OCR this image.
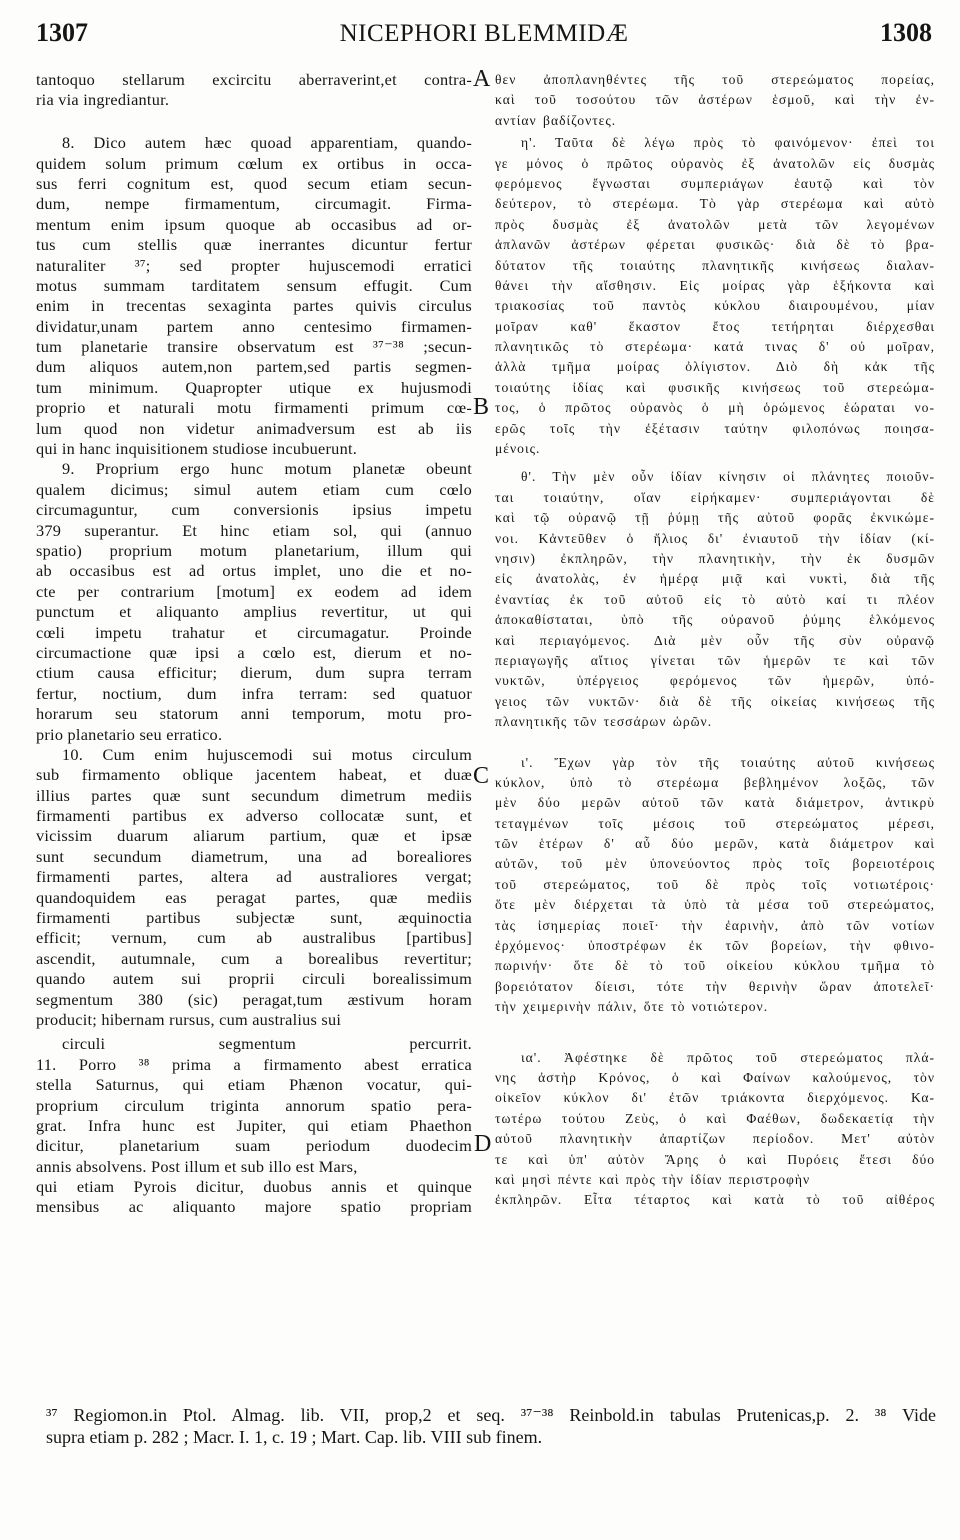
1307	NICEPHORI BLEMMIDÆ	1308
tantoquo stellarum excircitu aberraverint,et contra-
ria via ingrediantur.
8. Dico autem hæc quoad apparentiam, quando-
quidem solum primum cœlum ex ortibus in occa-
sus ferri cognitum est, quod secum etiam secun-
dum, nempe firmamentum, circumagit. Firma-
mentum enim ipsum quoque ab occasibus ad or-
tus cum stellis quæ inerrantes dicuntur fertur
naturaliter ³⁷; sed propter hujuscemodi erratici
motus summam tarditatem sensum effugit. Cum
enim in trecentas sexaginta partes quivis circulus
dividatur,unam partem anno centesimo firmamen-
tum planetarie transire observatum est ³⁷⁻³⁸ ;secun-
dum aliquos autem,non partem,sed partis segmen-
tum minimum. Quapropter utique ex hujusmodi
proprio et naturali motu firmamenti primum cœ-
lum quod non videtur animadversum est ab iis
qui in hanc inquisitionem studiose incubuerunt.
9. Proprium ergo hunc motum planetæ obeunt
qualem dicimus; simul autem etiam cum cœlo
circumaguntur, cum conversionis ipsius impetu
379 superantur. Et hinc etiam sol, qui (annuo
spatio) proprium motum planetarium, illum qui
ab occasibus est ad ortus implet, uno die et no-
cte per contrarium [motum] ex eodem ad idem
punctum et aliquanto amplius revertitur, ut qui
cœli impetu trahatur et circumagatur. Proinde
circumactione quæ ipsi a cœlo est, dierum et no-
ctium causa efficitur; dierum, dum supra terram
fertur, noctium, dum infra terram: sed quatuor
horarum seu statorum anni temporum, motu pro-
prio planetario seu erratico.
10. Cum enim hujuscemodi sui motus circulum
sub firmamento oblique jacentem habeat, et duæ
illius partes quæ sunt secundum dimetrum mediis
firmamenti partibus ex adverso collocatæ sunt, et
vicissim duarum aliarum partium, quæ et ipsæ
sunt secundum diametrum, una ad borealiores
firmamenti partes, altera ad australiores vergat;
quandoquidem eas peragat partes, quæ mediis
firmamenti partibus subjectæ sunt, æquinoctia
efficit; vernum, cum ab australibus [partibus]
ascendit, autumnale, cum a borealibus revertitur;
quando autem sui proprii circuli borealissimum
segmentum 380 (sic) peragat,tum æstivum horam
producit; hibernam rursus, cum australius sui
circuli segmentum percurrit.
11. Porro ³⁸ prima a firmamento abest erratica
stella Saturnus, qui etiam Phænon vocatur, qui-
proprium circulum triginta annorum spatio pera-
grat. Infra hunc est Jupiter, qui etiam Phaethon
dicitur, planetarium suam periodum duodecim
annis absolvens. Post illum et sub illo est Mars,
qui etiam Pyrois dicitur, duobus annis et quinque
mensibus ac aliquanto majore spatio propriam
θεν ἀποπλανηθέντες τῆς τοῦ στερεώματος πορείας,
καὶ τοῦ τοσούτου τῶν ἀστέρων ἑσμοῦ, καὶ τὴν ἐν-
αντίαν βαδίζοντες.
η'. Ταῦτα δὲ λέγω πρὸς τὸ φαινόμενον· ἐπεὶ τοι
γε μόνος ὁ πρῶτος οὐρανὸς ἐξ ἀνατολῶν εἰς δυσμὰς
φερόμενος ἔγνωσται συμπεριάγων ἑαυτῷ καὶ τὸν
δεύτερον, τὸ στερέωμα. Τὸ γὰρ στερέωμα καὶ αὐτὸ
πρὸς δυσμὰς ἐξ ἀνατολῶν μετὰ τῶν λεγομένων
ἀπλανῶν ἀστέρων φέρεται φυσικῶς· διὰ δὲ τὸ βρα-
δύτατον τῆς τοιαύτης πλανητικῆς κινήσεως διαλαν-
θάνει τὴν αἴσθησιν. Εἰς μοίρας γὰρ ἑξήκοντα καὶ
τριακοσίας τοῦ παντὸς κύκλου διαιρουμένου, μίαν
μοῖραν καθ' ἕκαστον ἔτος τετήρηται διέρχεσθαι
πλανητικῶς τὸ στερέωμα· κατά τινας δ' οὐ μοῖραν,
ἀλλὰ τμῆμα μοίρας ὀλίγιστον. Διὸ δὴ κἀκ τῆς
τοιαύτης ἰδίας καὶ φυσικῆς κινήσεως τοῦ στερεώμα-
τος, ὁ πρῶτος οὐρανὸς ὁ μὴ ὁρώμενος ἑώραται νο-
ερῶς τοῖς τὴν ἐξέτασιν ταύτην φιλοπόνως ποιησα-
μένοις.
θ'. Τὴν μὲν οὖν ἰδίαν κίνησιν οἱ πλάνητες ποιοῦν-
ται τοιαύτην, οἵαν εἰρήκαμεν· συμπεριάγονται δὲ
καὶ τῷ οὐρανῷ τῇ ῥύμῃ τῆς αὐτοῦ φορᾶς ἐκνικώμε-
νοι. Κἀντεῦθεν ὁ ἥλιος δι' ἐνιαυτοῦ τὴν ἰδίαν (κί-
νησιν) ἐκπληρῶν, τὴν πλανητικὴν, τὴν ἐκ δυσμῶν
εἰς ἀνατολὰς, ἐν ἡμέρᾳ μιᾷ καὶ νυκτὶ, διὰ τῆς
ἐναντίας ἐκ τοῦ αὐτοῦ εἰς τὸ αὐτὸ καί τι πλέον
ἀποκαθίσταται, ὑπὸ τῆς οὐρανοῦ ῥύμης ἑλκόμενος
καὶ περιαγόμενος. Διὰ μὲν οὖν τῆς σὺν οὐρανῷ
περιαγωγῆς αἴτιος γίνεται τῶν ἡμερῶν τε καὶ τῶν
νυκτῶν, ὑπέργειος φερόμενος τῶν ἡμερῶν, ὑπό-
γειος τῶν νυκτῶν· διὰ δὲ τῆς οἰκείας κινήσεως τῆς
πλανητικῆς τῶν τεσσάρων ὡρῶν.
ι'. Ἔχων γὰρ τὸν τῆς τοιαύτης αὐτοῦ κινήσεως
κύκλον, ὑπὸ τὸ στερέωμα βεβλημένον λοξῶς, τῶν
μὲν δύο μερῶν αὐτοῦ τῶν κατὰ διάμετρον, ἀντικρὺ
τεταγμένων τοῖς μέσοις τοῦ στερεώματος μέρεσι,
τῶν ἑτέρων δ' αὖ δύο μερῶν, κατὰ διάμετρον καὶ
αὐτῶν, τοῦ μὲν ὑπονεύοντος πρὸς τοῖς βορειοτέροις
τοῦ στερεώματος, τοῦ δὲ πρὸς τοῖς νοτιωτέροις·
ὅτε μὲν διέρχεται τὰ ὑπὸ τὰ μέσα τοῦ στερεώματος,
τὰς ἰσημερίας ποιεῖ· τὴν ἐαρινὴν, ἀπὸ τῶν νοτίων
ἐρχόμενος· ὑποστρέφων ἐκ τῶν βορείων, τὴν φθινο-
πωρινήν· ὅτε δὲ τὸ τοῦ οἰκείου κύκλου τμῆμα τὸ
βορειότατον δίεισι, τότε τὴν θερινὴν ὥραν ἀποτελεῖ·
τὴν χειμερινὴν πάλιν, ὅτε τὸ νοτιώτερον.
ια'. Ἀφέστηκε δὲ πρῶτος τοῦ στερεώματος πλά-
νης ἀστὴρ Κρόνος, ὁ καὶ Φαίνων καλούμενος, τὸν
οἰκεῖον κύκλον δι' ἐτῶν τριάκοντα διερχόμενος. Κα-
τωτέρω τούτου Ζεὺς, ὁ καὶ Φαέθων, δωδεκαετίᾳ τὴν
αὐτοῦ πλανητικὴν ἀπαρτίζων περίοδον. Μετ' αὐτὸν
τε καὶ ὑπ' αὐτὸν Ἄρης ὁ καὶ Πυρόεις ἔτεσι δύο
καὶ μησὶ πέντε καὶ πρὸς τὴν ἰδίαν περιστροφὴν
ἐκπληρῶν. Εἶτα τέταρτος καὶ κατὰ τὸ τοῦ αἰθέρος
A
B
C
D
³⁷ Regiomon.in Ptol. Almag. lib. VII, prop,2 et seq. ³⁷⁻³⁸ Reinbold.in tabulas Prutenicas,p. 2. ³⁸ Vide
supra etiam p. 282 ; Macr. I. 1, c. 19 ; Mart. Cap. lib. VIII sub finem.
